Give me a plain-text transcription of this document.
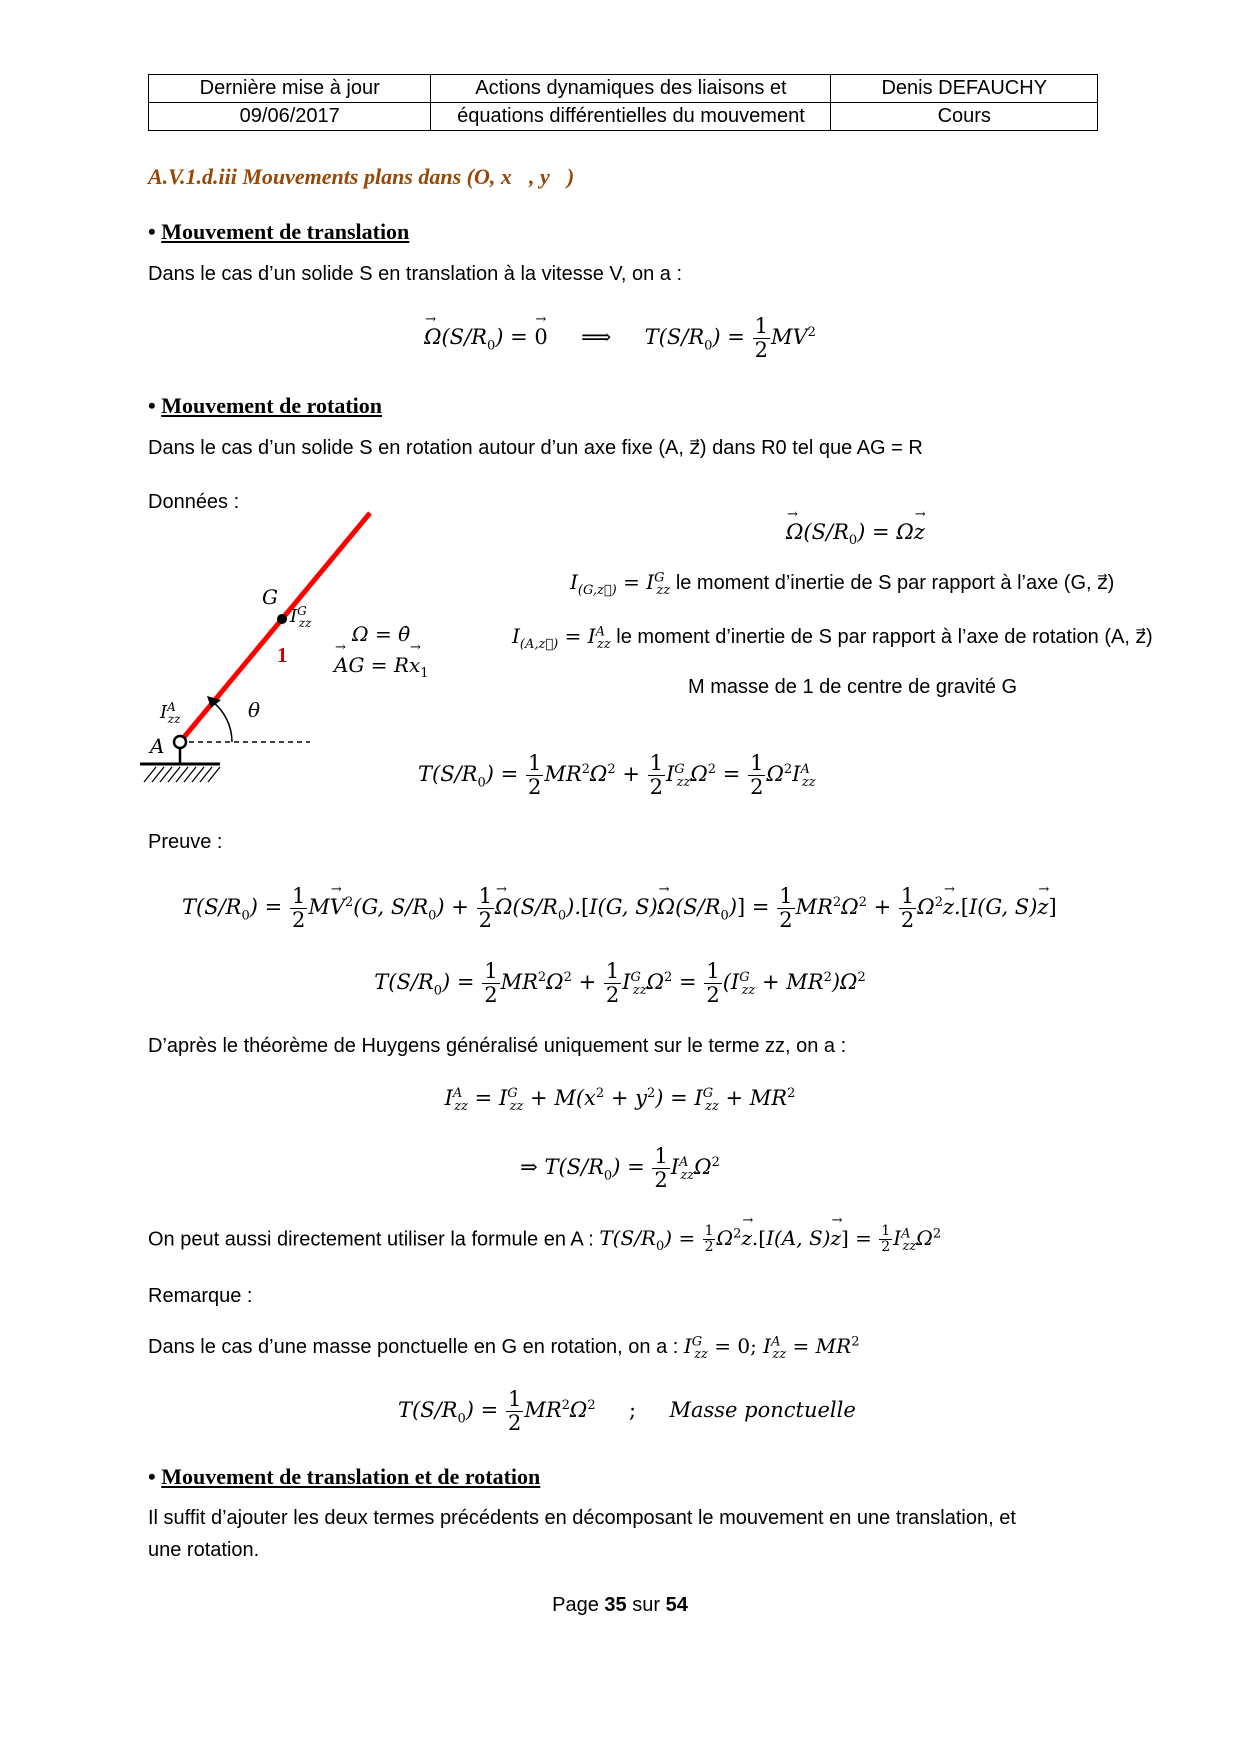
Dernière mise à jour	Actions dynamiques des liaisons et	Denis DEFAUCHY
09/06/2017	équations différentielles du mouvement	Cours
A.V.1.d.iii Mouvements plans dans (O, x⃗, y⃗)
• Mouvement de translation
Dans le cas d’un solide S en translation à la vitesse V, on a :
→ $\Omega(S/R_0)$ = → 0 ⟹     $T(S/R_0) = \frac{1}{2} MV^2$
• Mouvement de rotation
Dans le cas d’un solide S en rotation autour d’un axe fixe (A, z⃗) dans R0 tel que AG = R
Données :
G
$I^G_{zz}$
1
$I^A_{zz}$	θ
A
Ω = θ̇
→ AG = $R\to x_1$
→ $\Omega(S/R_0) = \Omega\to z$
$I_{(G,z⃗)} = I^G_{zz}$ le moment d’inertie de S par rapport à l’axe (G, z⃗)
$I_{(A,z⃗)} = I^A_{zz}$ le moment d’inertie de S par rapport à l’axe de rotation (A, z⃗)
M masse de 1 de centre de gravité G
$T(S/R_0) = \frac{1}{2} MR^2\Omega^2 + \frac{1}{2} I^G_{zz}\Omega^2 = \frac{1}{2} \Omega^2I^A_{zz}$
Preuve :
$T(S/R_0) = \frac{1}{2} M\to V^2(G$, $S/R_0) + \frac{1}{2} \to \Omega(S/R_0).[I(G$, $S)\to \Omega(S/R_0)] = \frac{1}{2} MR^2\Omega^2 + \frac{1}{2} \Omega^2\to z.[I(G$, S)→ z]
$T(S/R_0) = \frac{1}{2} MR^2\Omega^2 + \frac{1}{2} I^G_{zz}\Omega^2 = \frac{1}{2} (I^G_{zz} + MR^2)\Omega^2$
D’après le théorème de Huygens généralisé uniquement sur le terme zz, on a :
$I^A_{zz} = I^G_{zz} + M(x^2 + y^2) = I^G_{zz} + MR^2$
⇒ $T(S/R_0) = \frac{1}{2} I^A_{zz}\Omega^2$
On peut aussi directement utiliser la formule en A : $T(S/R_0) = \frac{1}{2} \Omega^2\to z.[I(A$, $S)\to z] = \frac{1}{2} I^A_{zz}\Omega^2$
Remarque :
Dans le cas d’une masse ponctuelle en G en rotation, on a : $I^G_{zz} = 0$; $I^A_{zz} = MR^2$
$T(S/R_0) = \frac{1}{2} MR^2\Omega^2$ ; Masse ponctuelle
• Mouvement de translation et de rotation
Il suffit d’ajouter les deux termes précédents en décomposant le mouvement en une translation, et
une rotation.
Page 35 sur 54
